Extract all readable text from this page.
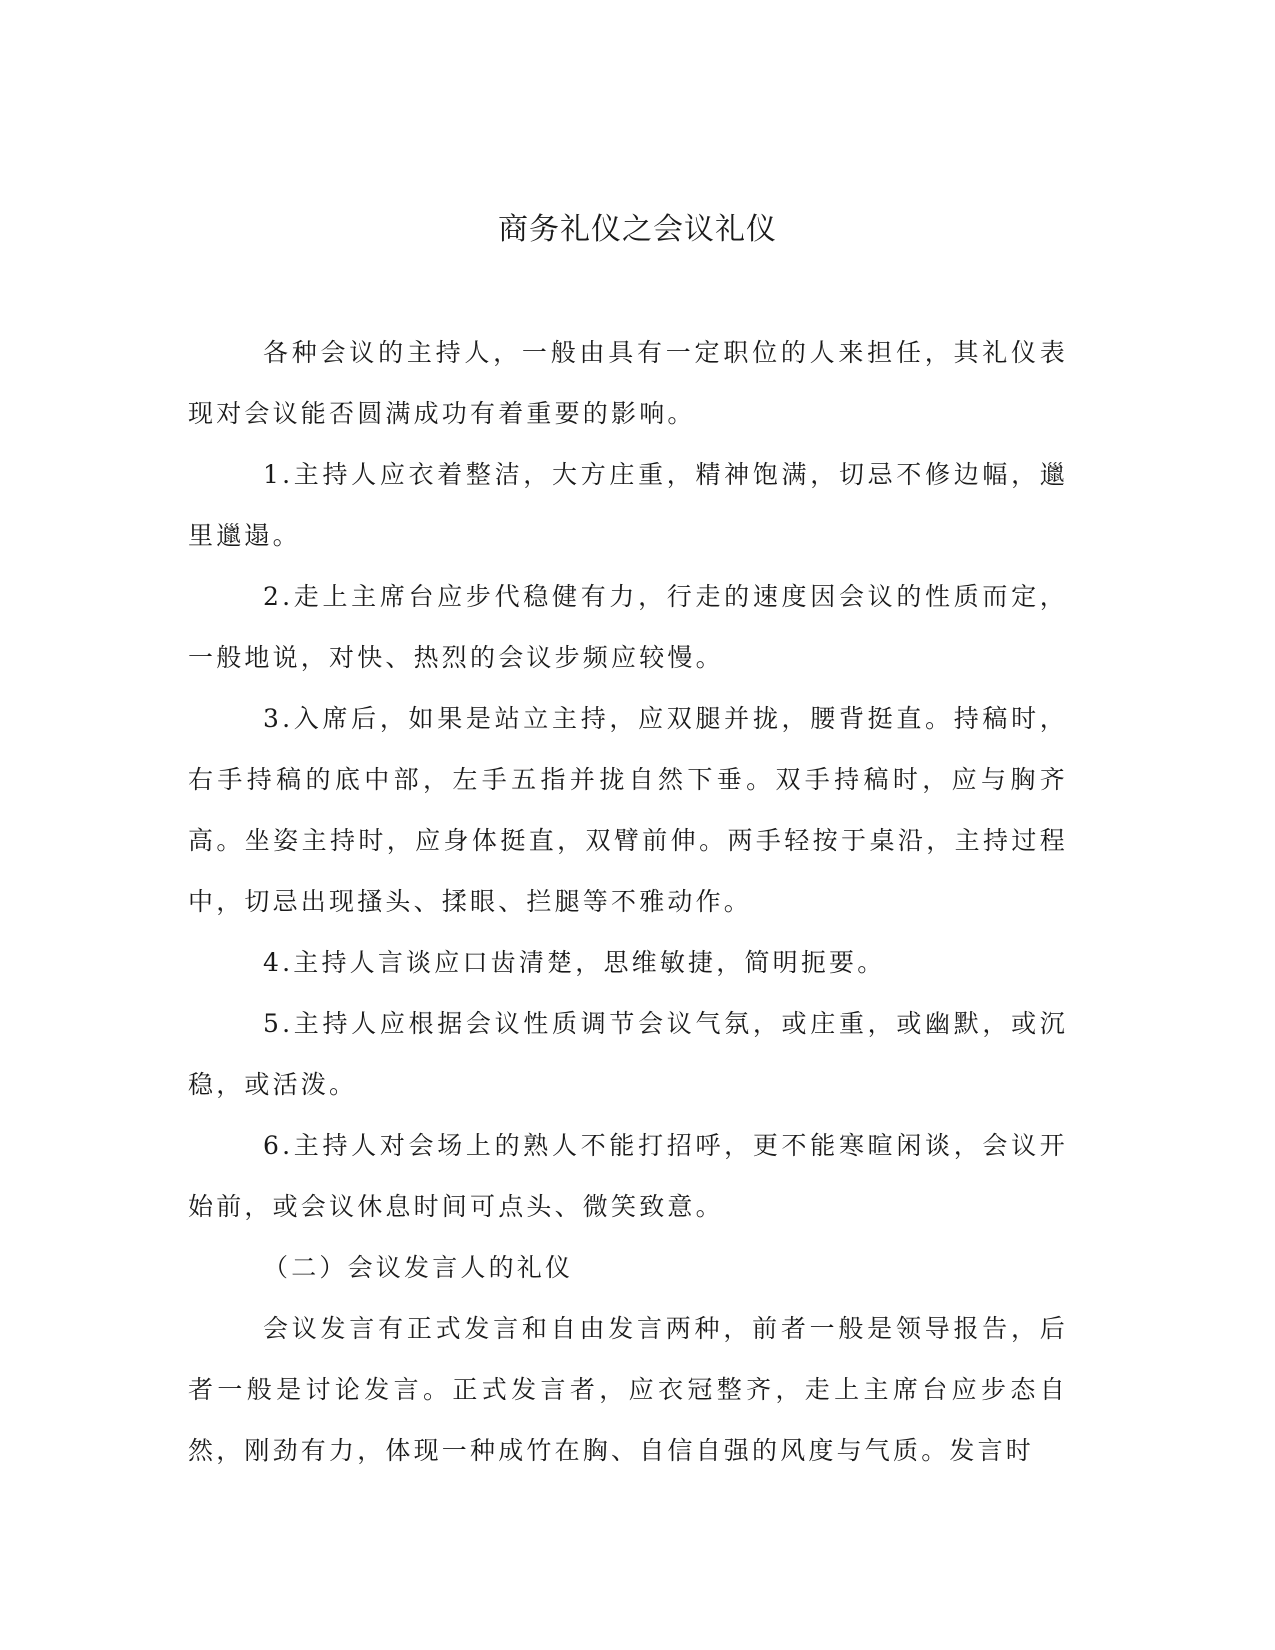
商务礼仪之会议礼仪

各种会议的主持人，一般由具有一定职位的人来担任，其礼仪表现对会议能否圆满成功有着重要的影响。

1.主持人应衣着整洁，大方庄重，精神饱满，切忌不修边幅，邋里邋遢。

2.走上主席台应步代稳健有力，行走的速度因会议的性质而定，一般地说，对快、热烈的会议步频应较慢。

3.入席后，如果是站立主持，应双腿并拢，腰背挺直。持稿时，右手持稿的底中部，左手五指并拢自然下垂。双手持稿时，应与胸齐高。坐姿主持时，应身体挺直，双臂前伸。两手轻按于桌沿，主持过程中，切忌出现搔头、揉眼、拦腿等不雅动作。

4.主持人言谈应口齿清楚，思维敏捷，简明扼要。

5.主持人应根据会议性质调节会议气氛，或庄重，或幽默，或沉稳，或活泼。

6.主持人对会场上的熟人不能打招呼，更不能寒暄闲谈，会议开始前，或会议休息时间可点头、微笑致意。

（二）会议发言人的礼仪

会议发言有正式发言和自由发言两种，前者一般是领导报告，后者一般是讨论发言。正式发言者，应衣冠整齐，走上主席台应步态自然，刚劲有力，体现一种成竹在胸、自信自强的风度与气质。发言时
